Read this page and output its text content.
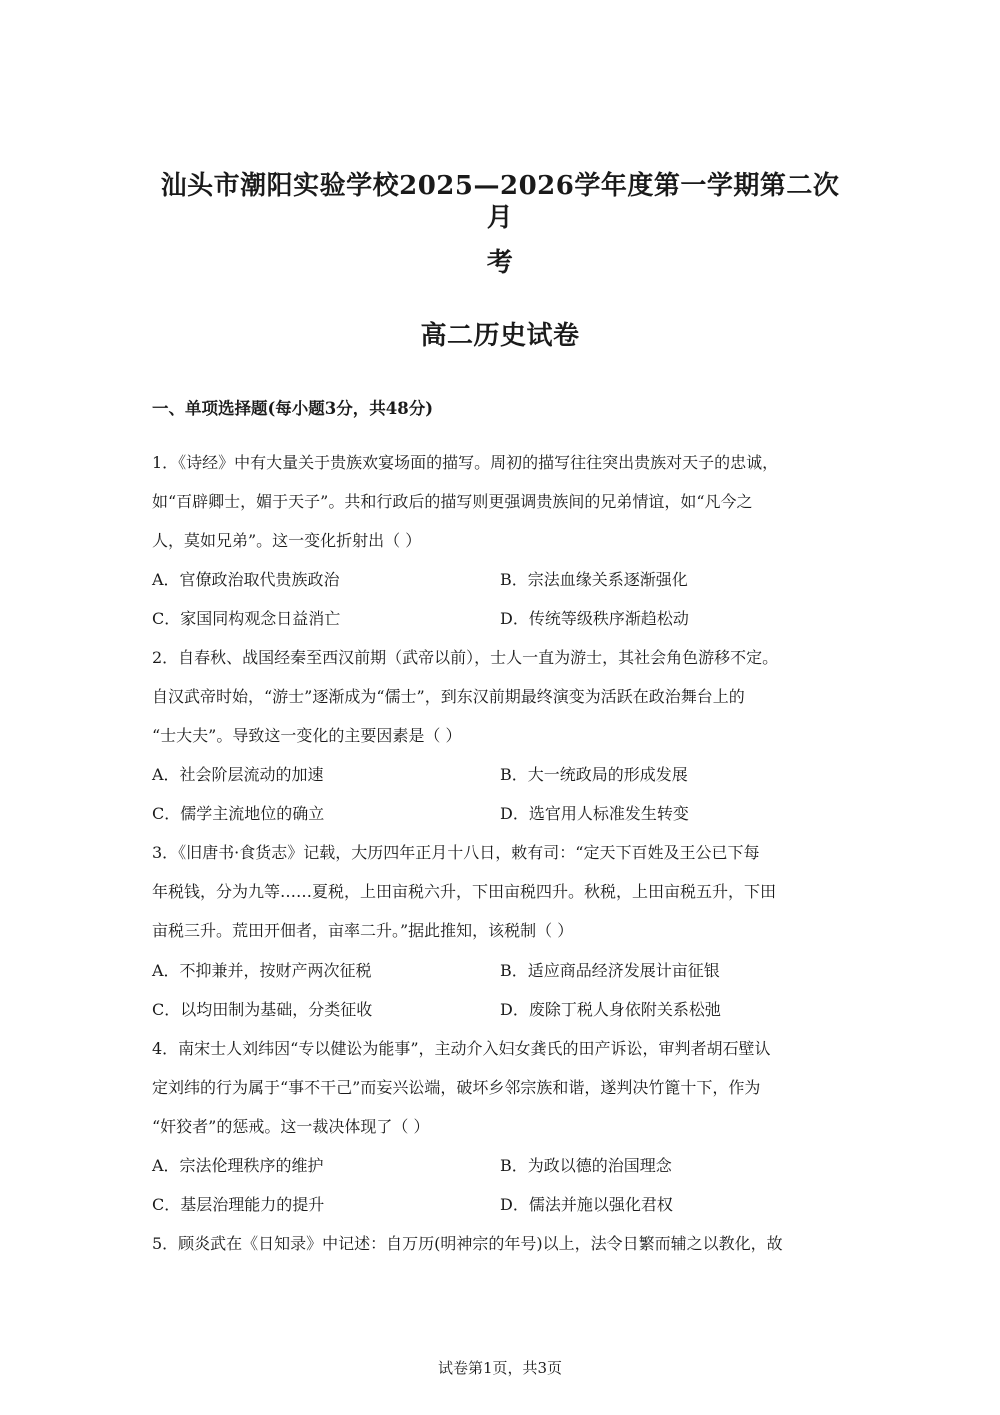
汕头市潮阳实验学校2025—2026学年度第一学期第二次月
考
高二历史试卷
一、单项选择题(每小题3分，共48分)
1．《诗经》中有大量关于贵族欢宴场面的描写。周初的描写往往突出贵族对天子的忠诚，
如“百辟卿士，媚于天子”。共和行政后的描写则更强调贵族间的兄弟情谊，如“凡今之
人，莫如兄弟”。这一变化折射出（ ）
A．官僚政治取代贵族政治	B．宗法血缘关系逐渐强化
C．家国同构观念日益消亡	D．传统等级秩序渐趋松动
2．自春秋、战国经秦至西汉前期（武帝以前），士人一直为游士，其社会角色游移不定。
自汉武帝时始，“游士”逐渐成为“儒士”，到东汉前期最终演变为活跃在政治舞台上的
“士大夫”。导致这一变化的主要因素是（ ）
A．社会阶层流动的加速	B．大一统政局的形成发展
C．儒学主流地位的确立	D．选官用人标准发生转变
3．《旧唐书·食货志》记载，大历四年正月十八日，敕有司：“定天下百姓及王公已下每
年税钱，分为九等……夏税，上田亩税六升，下田亩税四升。秋税，上田亩税五升，下田
亩税三升。荒田开佃者，亩率二升。”据此推知，该税制（ ）
A．不抑兼并，按财产两次征税	B．适应商品经济发展计亩征银
C．以均田制为基础，分类征收	D．废除丁税人身依附关系松弛
4．南宋士人刘纬因“专以健讼为能事”，主动介入妇女龚氏的田产诉讼，审判者胡石壁认
定刘纬的行为属于“事不干己”而妄兴讼端，破坏乡邻宗族和谐，遂判决竹篦十下，作为
“奸狡者”的惩戒。这一裁决体现了（ ）
A．宗法伦理秩序的维护	B．为政以德的治国理念
C．基层治理能力的提升	D．儒法并施以强化君权
5．顾炎武在《日知录》中记述：自万历(明神宗的年号)以上，法令日繁而辅之以教化，故
试卷第1页，共3页
